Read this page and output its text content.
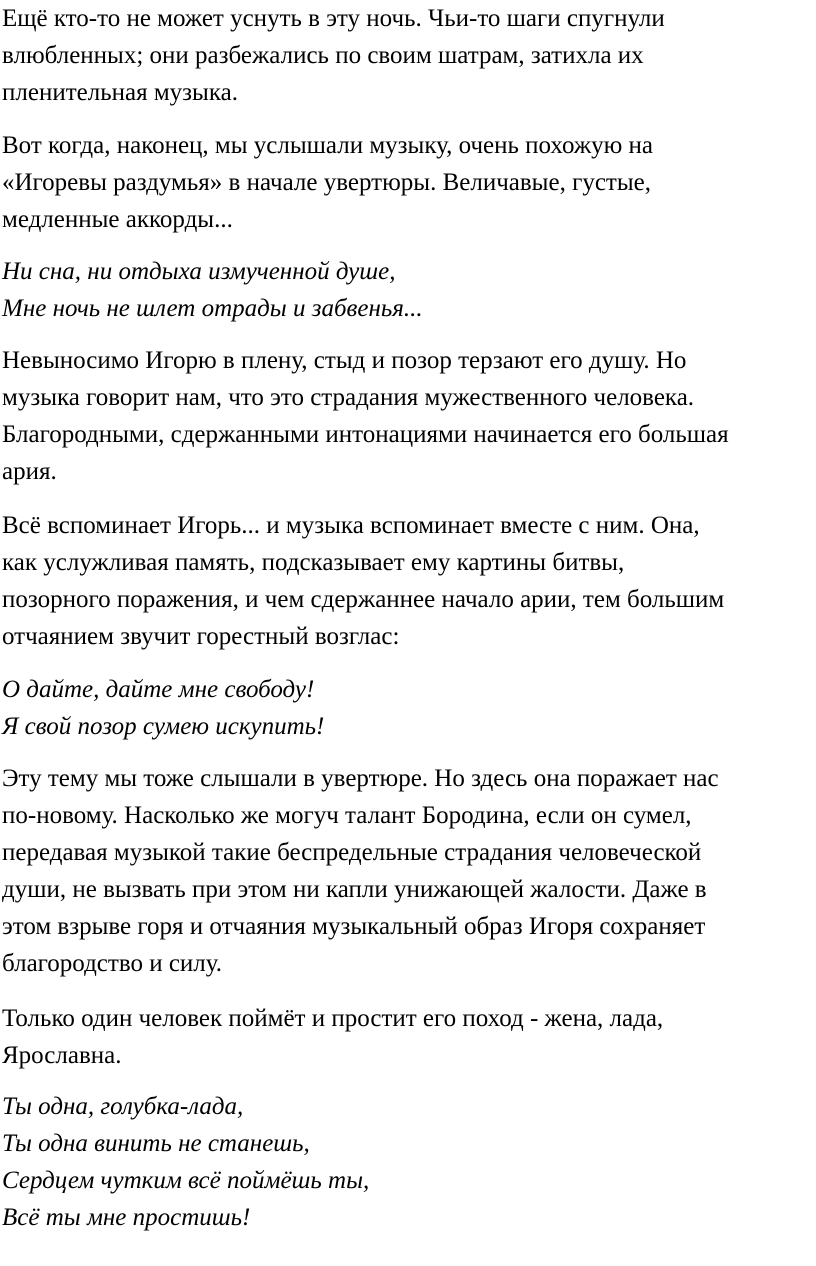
Ещё кто-то не может уснуть в эту ночь. Чьи-то шаги спугнули
влюбленных; они разбежались по своим шатрам, затихла их
пленительная музыка.
Вот когда, наконец, мы услышали музыку, очень похожую на
«Игоревы раздумья» в начале увертюры. Величавые, густые,
медленные аккорды...
Ни сна, ни отдыха измученной душе,
Мне ночь не шлет отрады и забвенья...
Невыносимо Игорю в плену, стыд и позор терзают его душу. Но
музыка говорит нам, что это страдания мужественного человека.
Благородными, сдержанными интонациями начинается его большая
ария.
Всё вспоминает Игорь... и музыка вспоминает вместе с ним. Она,
как услужливая память, подсказывает ему картины битвы,
позорного поражения, и чем сдержаннее начало арии, тем большим
отчаянием звучит горестный возглас:
О дайте, дайте мне свободу!
Я свой позор сумею искупить!
Эту тему мы тоже слышали в увертюре. Но здесь она поражает нас
по-новому. Насколько же могуч талант Бородина, если он сумел,
передавая музыкой такие беспредельные страдания человеческой
души, не вызвать при этом ни капли унижающей жалости. Даже в
этом взрыве горя и отчаяния музыкальный образ Игоря сохраняет
благородство и силу.
Только один человек поймёт и простит его поход - жена, лада,
Ярославна.
Ты одна, голубка-лада,
Ты одна винить не станешь,
Сердцем чутким всё поймёшь ты,
Всё ты мне простишь!
